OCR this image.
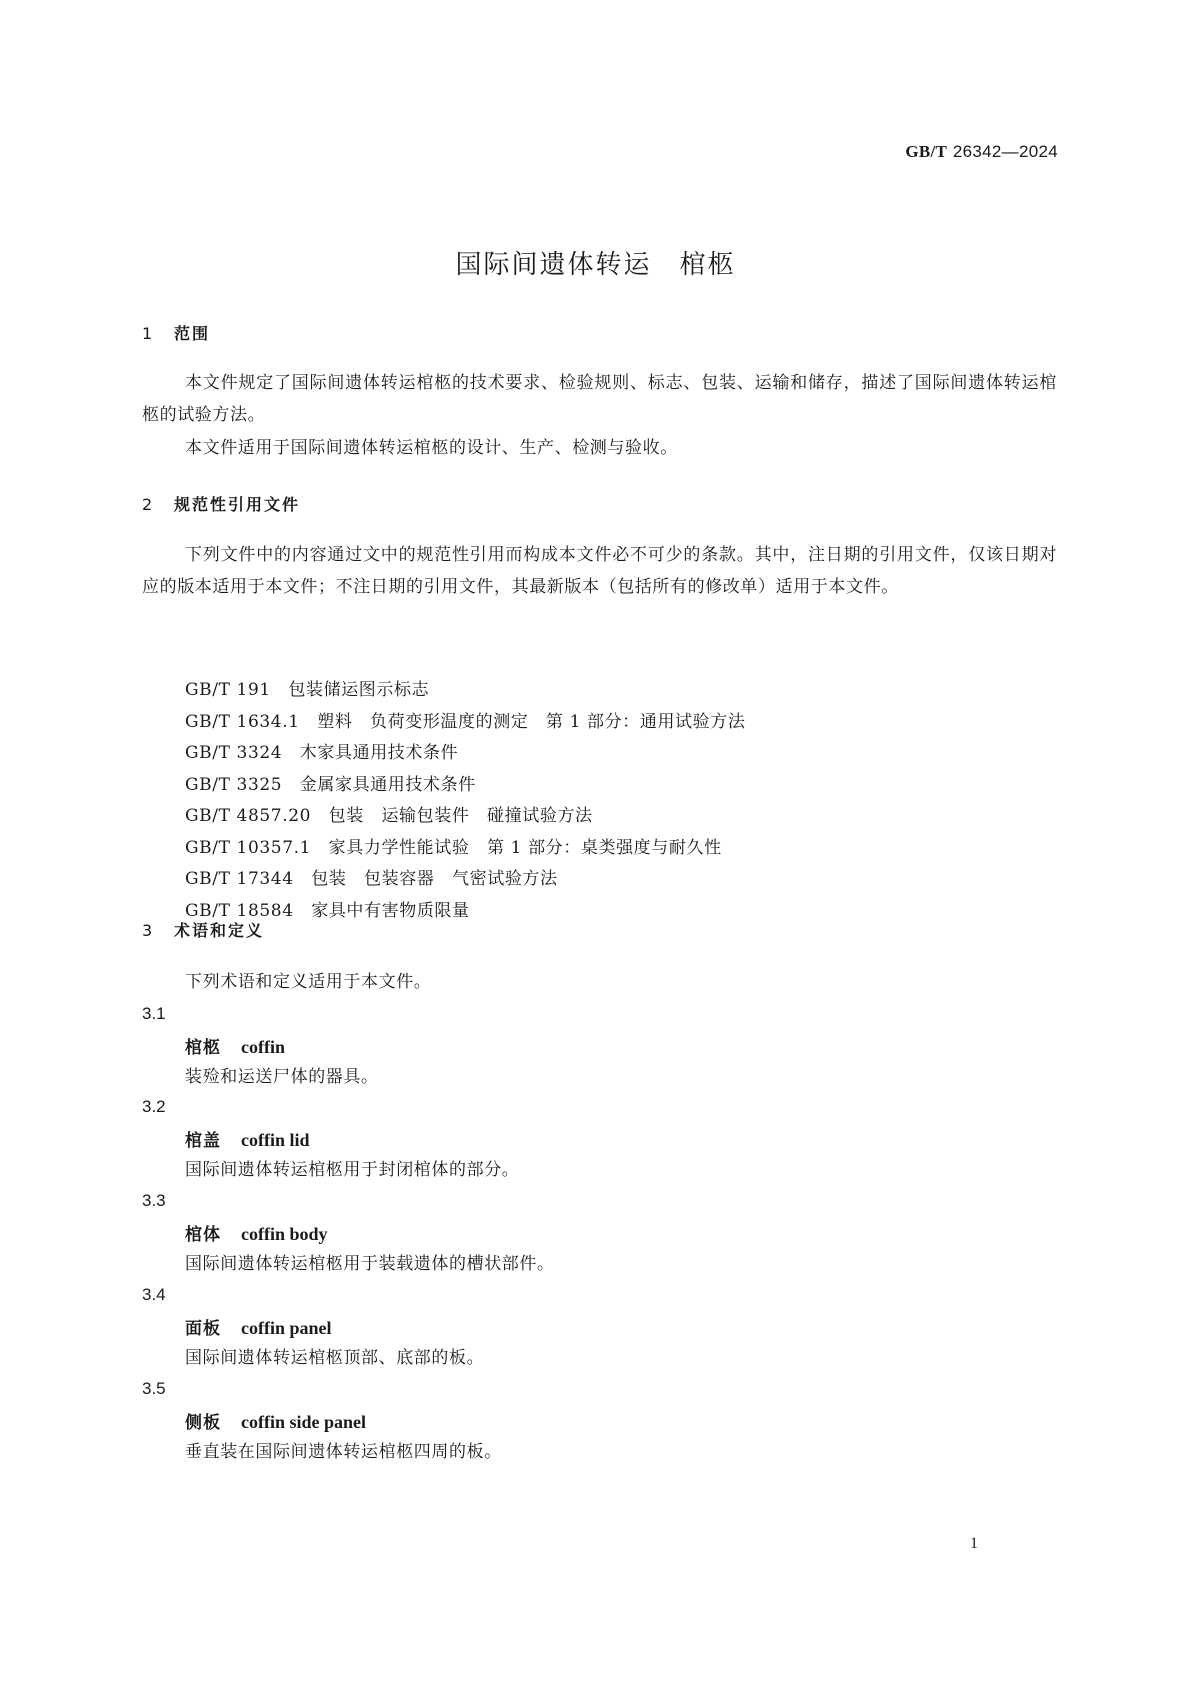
GB/T 26342—2024
国际间遗体转运　棺柩
1 范围
本文件规定了国际间遗体转运棺柩的技术要求、检验规则、标志、包装、运输和储存，描述了国际间遗体转运棺柩的试验方法。
本文件适用于国际间遗体转运棺柩的设计、生产、检测与验收。
2 规范性引用文件
下列文件中的内容通过文中的规范性引用而构成本文件必不可少的条款。其中，注日期的引用文件，仅该日期对应的版本适用于本文件；不注日期的引用文件，其最新版本（包括所有的修改单）适用于本文件。
GB/T 191　包装储运图示标志
GB/T 1634.1　塑料　负荷变形温度的测定　第 1 部分：通用试验方法
GB/T 3324　木家具通用技术条件
GB/T 3325　金属家具通用技术条件
GB/T 4857.20　包装　运输包装件　碰撞试验方法
GB/T 10357.1　家具力学性能试验　第 1 部分：桌类强度与耐久性
GB/T 17344　包装　包装容器　气密试验方法
GB/T 18584　家具中有害物质限量
3 术语和定义
下列术语和定义适用于本文件。
3.1
棺柩 coffin
装殓和运送尸体的器具。
3.2
棺盖 coffin lid
国际间遗体转运棺柩用于封闭棺体的部分。
3.3
棺体 coffin body
国际间遗体转运棺柩用于装载遗体的槽状部件。
3.4
面板 coffin panel
国际间遗体转运棺柩顶部、底部的板。
3.5
侧板 coffin side panel
垂直装在国际间遗体转运棺柩四周的板。
1
